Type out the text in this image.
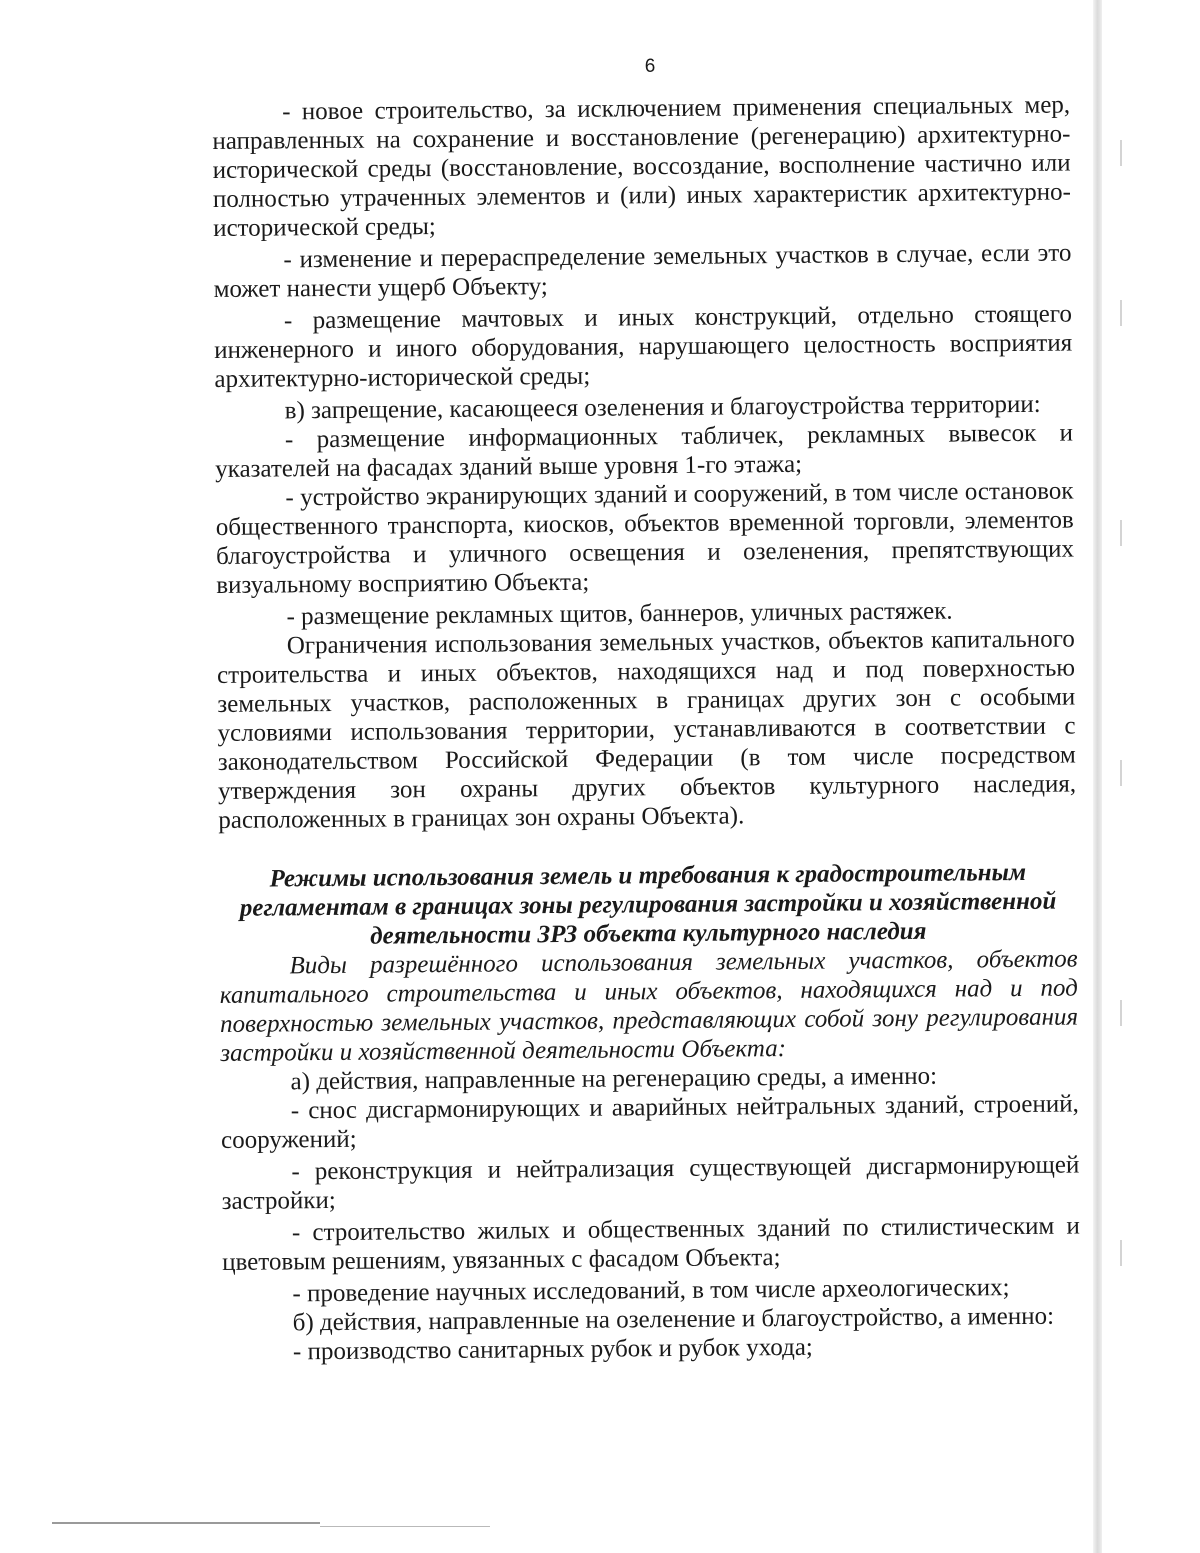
6

- новое строительство, за исключением применения специальных мер, направленных на сохранение и восстановление (регенерацию) архитектурно-исторической среды (восстановление, воссоздание, восполнение частично или полностью утраченных элементов и (или) иных характеристик архитектурно-исторической среды;

- изменение и перераспределение земельных участков в случае, если это может нанести ущерб Объекту;

- размещение мачтовых и иных конструкций, отдельно стоящего инженерного и иного оборудования, нарушающего целостность восприятия архитектурно-исторической среды;

в) запрещение, касающееся озеленения и благоустройства территории:

- размещение информационных табличек, рекламных вывесок и указателей на фасадах зданий выше уровня 1-го этажа;

- устройство экранирующих зданий и сооружений, в том числе остановок общественного транспорта, киосков, объектов временной торговли, элементов благоустройства и уличного освещения и озеленения, препятствующих визуальному восприятию Объекта;

- размещение рекламных щитов, баннеров, уличных растяжек.

Ограничения использования земельных участков, объектов капитального строительства и иных объектов, находящихся над и под поверхностью земельных участков, расположенных в границах других зон с особыми условиями использования территории, устанавливаются в соответствии с законодательством Российской Федерации (в том числе посредством утверждения зон охраны других объектов культурного наследия, расположенных в границах зон охраны Объекта).

Режимы использования земель и требования к градостроительным регламентам в границах зоны регулирования застройки и хозяйственной деятельности ЗРЗ объекта культурного наследия

Виды разрешённого использования земельных участков, объектов капитального строительства и иных объектов, находящихся над и под поверхностью земельных участков, представляющих собой зону регулирования застройки и хозяйственной деятельности Объекта:

а) действия, направленные на регенерацию среды, а именно:

- снос дисгармонирующих и аварийных нейтральных зданий, строений, сооружений;

- реконструкция и нейтрализация существующей дисгармонирующей застройки;

- строительство жилых и общественных зданий по стилистическим и цветовым решениям, увязанных с фасадом Объекта;

- проведение научных исследований, в том числе археологических;

б) действия, направленные на озеленение и благоустройство, а именно:

- производство санитарных рубок и рубок ухода;
